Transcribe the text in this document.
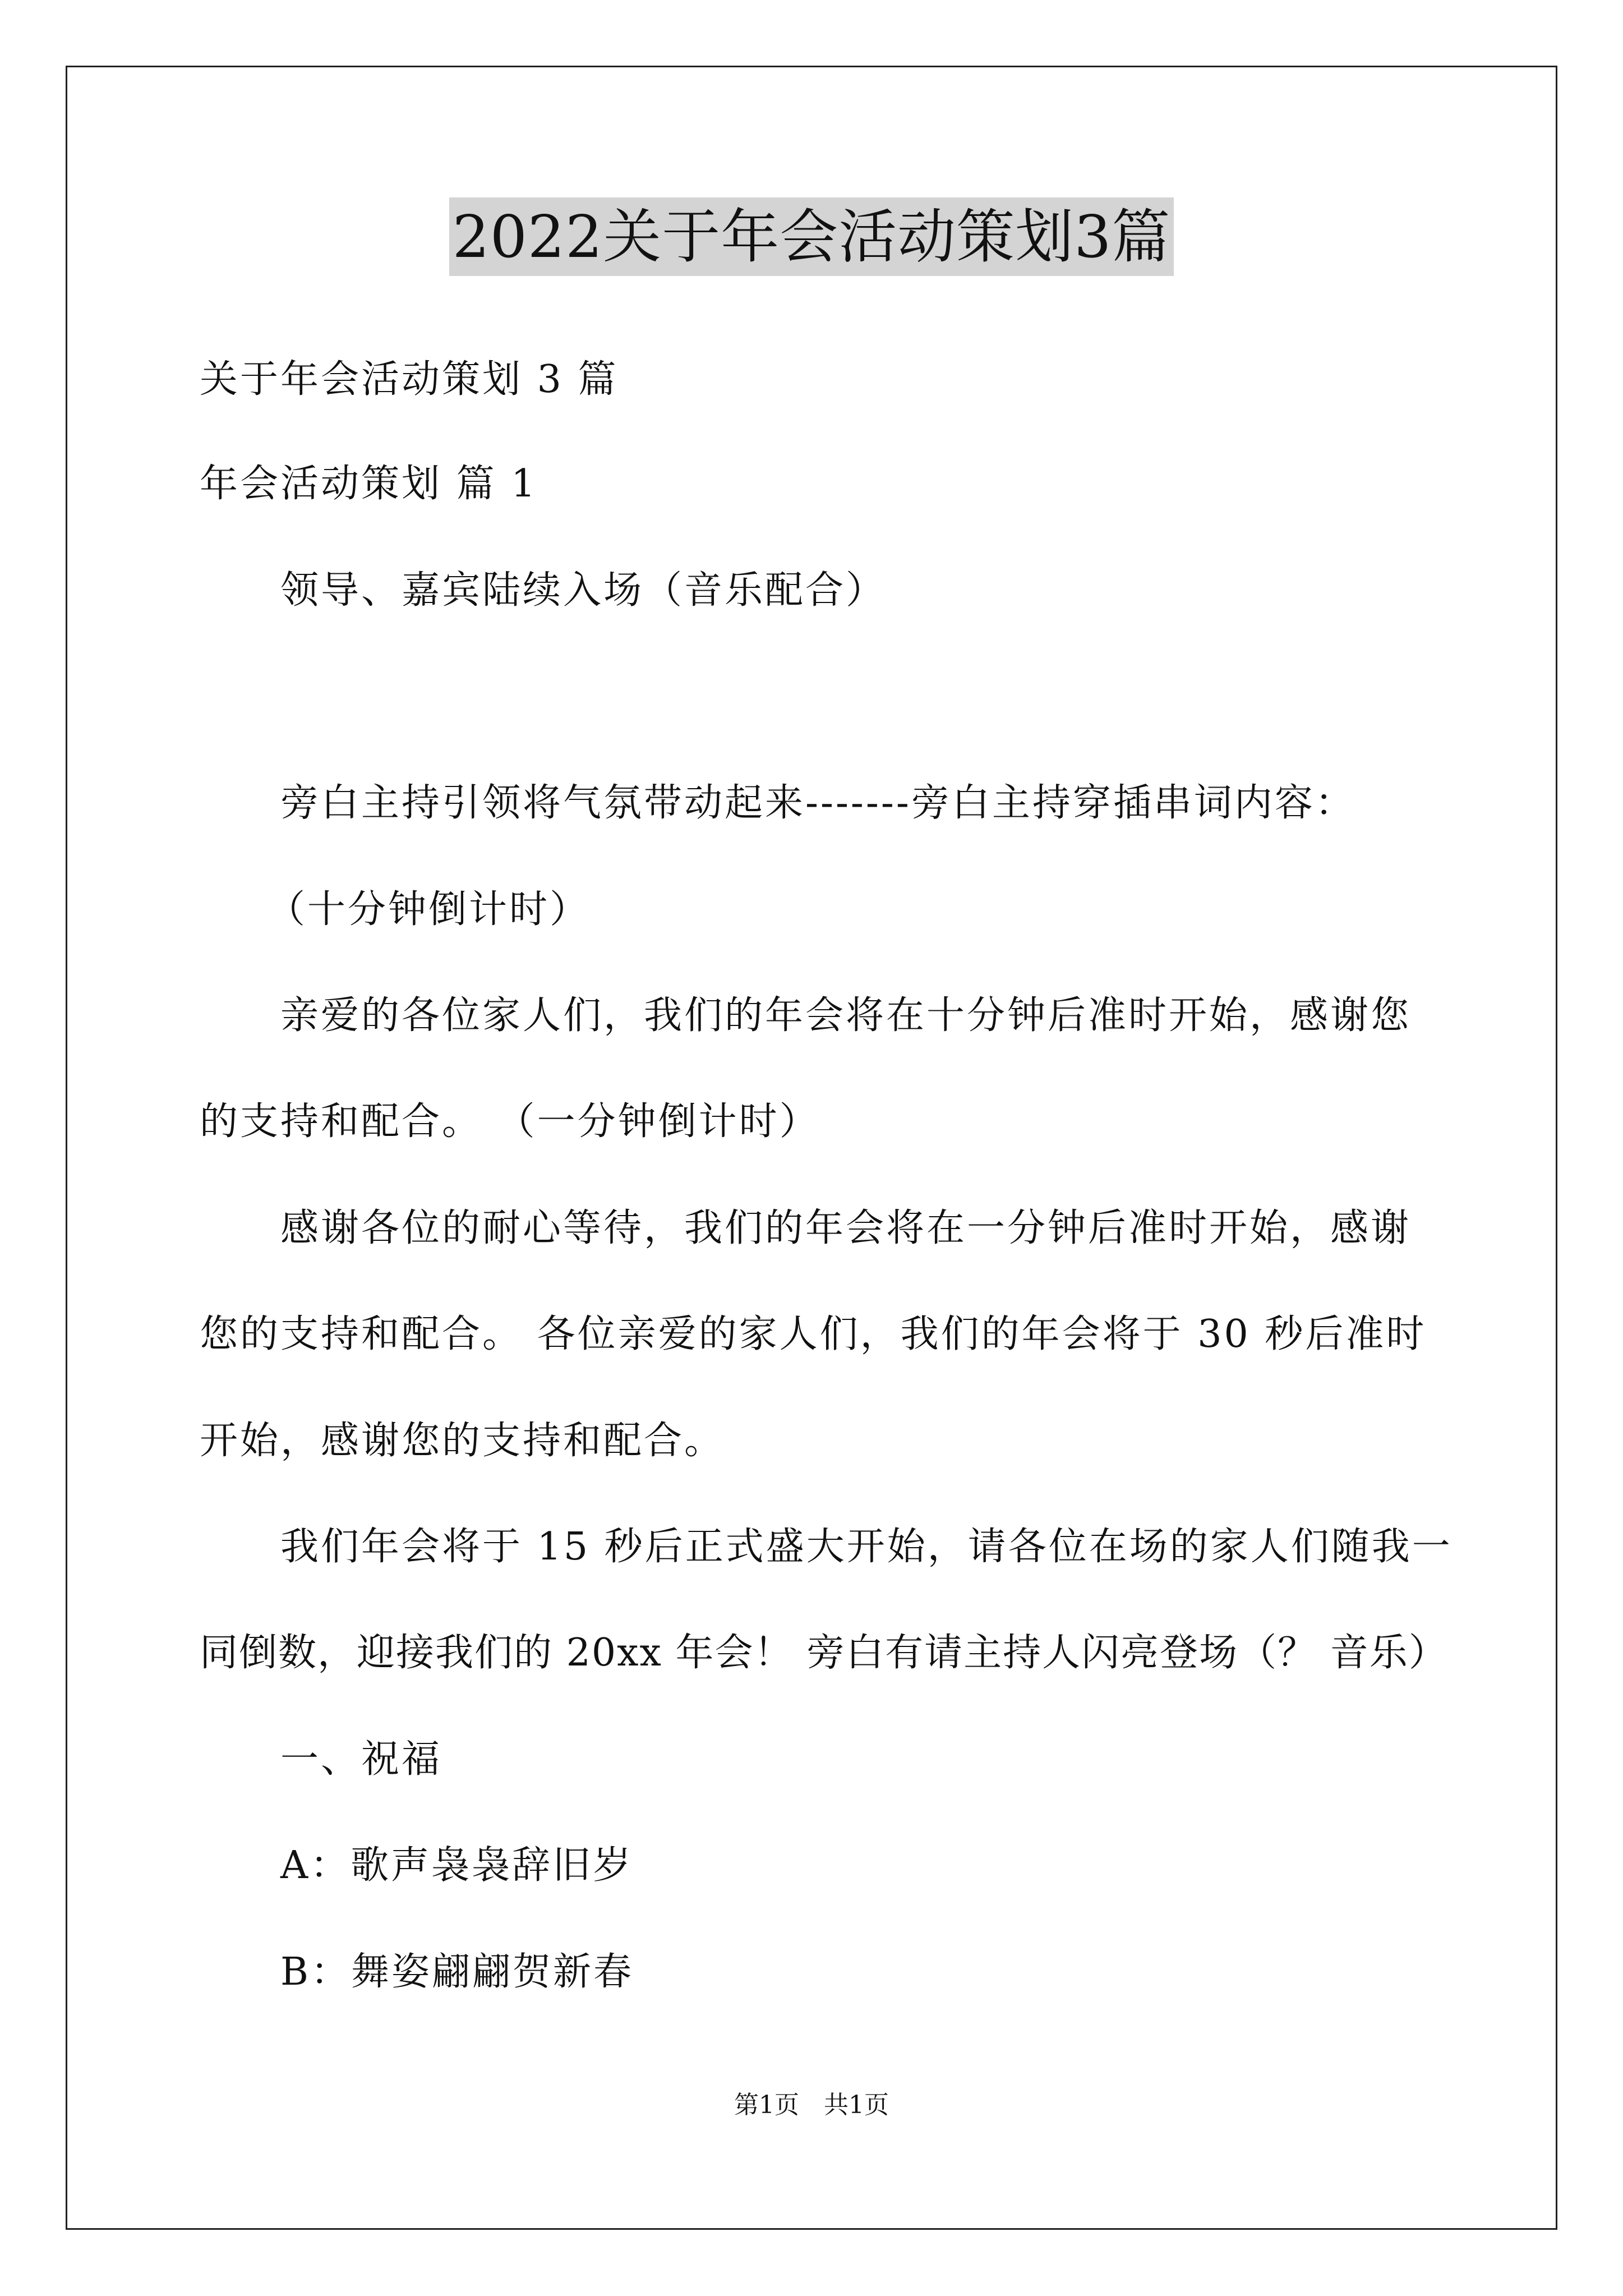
2022关于年会活动策划3篇
关于年会活动策划 3 篇
年会活动策划 篇 1
领导、嘉宾陆续入场（音乐配合）
旁白主持引领将气氛带动起来-------旁白主持穿插串词内容：
（十分钟倒计时）
亲爱的各位家人们，我们的年会将在十分钟后准时开始，感谢您
的支持和配合。 （一分钟倒计时）
感谢各位的耐心等待，我们的年会将在一分钟后准时开始，感谢
您的支持和配合。 各位亲爱的家人们，我们的年会将于 30 秒后准时
开始，感谢您的支持和配合。
我们年会将于 15 秒后正式盛大开始，请各位在场的家人们随我一
同倒数，迎接我们的 20xx 年会！ 旁白有请主持人闪亮登场（？ 音乐）
一、祝福
A：歌声袅袅辞旧岁
B：舞姿翩翩贺新春
第1页　共1页
